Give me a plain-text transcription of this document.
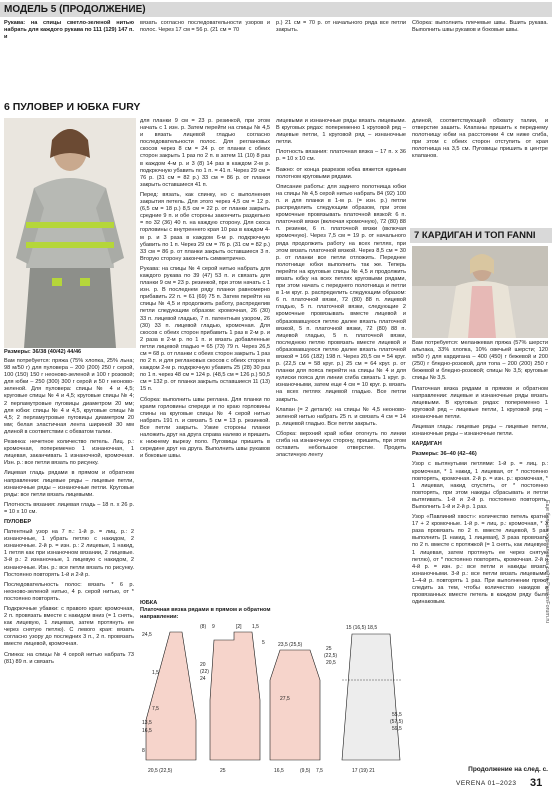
МОДЕЛЬ 5 (ПРОДОЛЖЕНИЕ)
Рукава: на спицы светло-зеленой нитью набрать для каждого рукава по 111 (129) 147 п. и
вязать согласно последовательности узоров и полос. Через 17 см = 56 р. (21 см = 70
р.) 21 см = 70 р. от начального ряда все петли закрыть.
Сборка: выполнить плечевые швы. Вшить рукава. Выполнить швы рукавов и боковые швы.
6 ПУЛОВЕР И ЮБКА FURY
Размеры: 36/38 (40/42) 44/46

Вам потребуется: пряжа (75% хлопка, 25% льна; 98 м/50 г) для пуловера – 200 (200) 250 г серой, 100 (150) 150 г неоново-зеленой и 100 г розовой; для юбки – 250 (300) 300 г серой и 50 г неоново-зеленой. Для пуловера: спицы № 4 и 4,5; круговые спицы № 4 и 4,5; круговые спицы № 4; 2 перламутровые пуговицы диаметром 20 мм; для юбки: спицы № 4 и 4,5, круговые спицы № 4,5; 2 перламутровые пуговицы диаметром 20 мм; белая эластичная лента шириной 30 мм длиной в соответствии с обхватом талии.

Резинка: нечетное количество петель. Лиц. р.: кромочная, поперемечно 1 изнаночная, 1 лицевая, заканчивать 1 изнаночной, кромочная. Изн. р.: все петли вязать по рисунку.

Лицевая гладь рядами в прямом и обратном направлении: лицевые ряды – лицевые петли, изнаночные ряды – изнаночные петли. Круговые ряды: все петли вязать лицевыми.

Плотность вязания: лицевая гладь – 18 п. х 26 р. = 10 х 10 см.

ПУЛОВЕР

Патентный узор на 7 п.: 1-й р. = лиц. р.: 2 изнаночные, 1 убрать петлю с накидом, 2 изнаночные. 2-й р. = изн. р.: 2 лицевые, 1 накид, 1 петля как при изнаночном вязании, 2 лицевые. 3-й р.: 2 изнаночные, 1 лицевую с накидом, 2 изнаночные. Изн. р.: все петли вязать по рисунку. Постоянно повторять 1-й и 2-й р.

Последовательность полос: вязать * 6 р. неоново-зеленой нитью, 4 р. серой нитью, от * постоянно повторять.

Подкрючные убавки: с правого края: кромочная, 2 п. провязать вместе с накидом вниз (= 1 снять, как лицевую, 1 лицевая, затем протянуть ее через снятую петлю). С левого края: вязать согласно узору до последних 3 п., 2 п. провязать вместе лицевой, кромочная.

Спинка: на спицы № 4 серой нитью набрать 73 (81) 89 п. и связать

для планки 9 см = 23 р. резинкой, при этом начать с 1 изн. р. Затем перейти на спицы № 4,5 и вязать лицевой гладью согласно последовательности полос. Для реглановых скосов через 8 см = 24 р. от планки с обеих сторон закрыть 1 раз по 2 п. в затем 11 (10) 8 раз в каждом 4-м р. и 3 (8) 14 раз в каждом 2-м р. подкрючную убавить по 1 п. = 41 п. Через 29 см = 76 р. (31 см = 82 р.) 33 см = 86 р. от планки закрыть оставшиеся 41 п.

Перед: вязать, как спинку, но с выполнения закрытия петель. Для этого через 4,5 см = 12 р. (6,5 см = 18 р.) 8,5 см = 22 р. от планки закрыть средние 9 п. и обе стороны закончить раздельно = по 32 (36) 40 п. на каждую сторону. Для скоса горловины с внутреннего края 10 раз в каждом 4-м р. и 3 раза в каждом 6-м р. подкрючную убавить по 1 п. Через 29 см = 76 р. (31 см = 82 р.) 33 см = 86 р. от планки закрыть оставшиеся 3 п. Вторую сторону закончить симметрично.

Рукава: на спицы № 4 серой нитью набрать для каждого рукава по 39 (47) 53 п. и связать для планки 9 см = 23 р. резинкой, при этом начать с 1 изн. р. В последнем ряду планки равномерно прибавить 22 п. = 61 (69) 75 п. Затем перейти на спицы № 4,5 и продолжить работу, распределив петли следующим образом: кромочная, 26 (30) 33 п. лицевой гладью, 7 п. патентным узором, 26 (30) 33 п. лицевой гладью, кромочная. Для скосов с обеих сторон прибавить 1 раз в 2-м р. и 2 раза в 2-м р. по 1 п. и вязать добавленные петли лицевой гладью = 65 (73) 79 п. Через 26,5 см = 68 р. от планки с обеих сторон закрыть 1 раз по 2 п. и для реглановых скосов с обеих сторон в каждом 2-м р. подкрючную убавить 25 (28) 30 раз по 1 п. через 48 см = 124 р. (48,5 см = 126 р.) 50,5 см = 132 р. от планки закрыть оставшиеся 11 (13) 15 п.

Сборка: выполнить швы реглана. Для планки по краям горловины спереди и по краю горловины спины на круговые спицы № 4 серой нитью набрать 191 п. и связать 5 см = 13 р. резинкой. Все петли закрыть. Узкие стороны планки наложить друг на друга справа налево и пришить к нижнему вырезу поло. Пуговицы пришить в середине друг на друга. Выполнить швы рукавов и боковые швы.

лицевыми и изнаночные ряды вязать лицевыми. В круговых рядах: попеременно 1 круговой ряд – лицевые петли, 1 круговой ряд – изнаночные петли.

Плотность вязания: платочная вязка – 17 п. х 36 р. = 10 х 10 см.

Важно: от конца разрезов юбка вяжется единым полотном круговыми рядами.

Описание работы: для заднего полотнища юбки на спицы № 4,5 серой нитью набрать 84 (92) 100 п. и для планки в 1-м р. (= изн. р.) петли распределить следующим образом, при этом кромочные провязывать платочной вязкой: 6 п. платочной вязки (включая кромочную), 72 (80) 88 п. резинки, 6 п. платочной вязки (включая кромочную). Через 7,5 см = 19 р. от начального ряда продолжить работу на всех петлях, при этом вязать платочной вязкой. Через 8,5 см = 30 р. от планки все петли отложить. Переднее полотнище юбки выполнить так же. Теперь перейти на круговые спицы № 4,5 и продолжить вязать юбку на всех петлях круговыми рядами, при этом начать с переднего полотнища и петли в 1-м круг. р. распределить следующим образом: 6 п. платочной вязки, 72 (80) 88 п. лицевой гладью, 5 п. платочной вязки, следующие 2 кромочные провязывать вместе лицевой и образовавшуюся петлю далее вязать платочной вязкой, 5 п. платочной вязки, 72 (80) 88 п. лицевой гладью, 5 п. платочной вязки, последнюю петлю провязать вместе лицевой и образовавшуюся петлю далее вязать платочной вязкой = 166 (182) 198 п. Через 20,5 см = 54 круг. р. (22,5 см = 58 круг. р.) 25 см = 64 круг. р. от планки для пояса перейти на спицы № 4 и для кулиски пояса для линии сгиба связать 1 круг. р. изнаночными, затем еще 4 см = 10 круг. р. вязать на всех петлях лицевой гладью. Все петли закрыть.

Клапан (= 2 детали): на спицы № 4,5 неоново-зеленой нитью набрать 25 п. и связать 4 см = 14 р. лицевой гладью. Все петли закрыть.

Сборка: верхний край юбки отогнуть по линии сгиба на изнаночную сторону, пришить, при этом оставить небольшое отверстие. Продеть эластичную ленту

длиной, соответствующей обхвату талии, и отверстие зашить. Клапаны пришить к переднему полотнищу юбки на расстоянии 4 см ниже сгиба, при этом с обеих сторон отступить от края полотнища на 3,5 см. Пуговицы пришить в центре клапанов.
7 КАРДИГАН И ТОП FANNI

Вам потребуется: меланжевая пряжа (57% шерсти альпака, 33% хлопка, 10% овечьей шерсти; 120 м/50 г) для кардигана – 400 (450) г бежевой и 200 (250) г бледно-розовой, для топа – 200 (200) 250 г бежевой и бледно-розовой; спицы № 3,5; круговые спицы № 3,5.

Платочная вязка рядами в прямом и обратном направлении: лицевые и изнаночные ряды вязать лицевыми. В круговых рядах: попеременно 1 круговой ряд – лицевые петли, 1 круговой ряд – изнаночные петли.

Лицевая гладь: лицевые ряды – лицевые петли, изнаночные ряды – изнаночные петли.

КАРДИГАН

Размеры: 36–40 (42–46)

Узор с вытянутыми петлями: 1-й р. = лиц. р.: кромочная, * 1 накид, 1 лицевая, от * постоянно повторять, кромочная. 2-й р. = изн. р.: кромочная, * 1 лицевая, накид спустить, от * постоянно повторять, при этом накиды сбрасывать и петли вытягивать. 1-й и 2-й р. постоянно повторять. Выполнить 1-й и 2-й р. 1 раз.

Узор «Павлиний хвост»: количество петель кратно 17 + 2 кромочные. 1-й р. = лиц. р.: кромочная, * 3 раза провязать по 2 п. вместе лицевой, 5 раз выполнить [1 накид, 1 лицевая], 3 раза провязать по 2 п. вместе с протяжкой (= 1 снять, как лицевую, 1 лицевая, затем протянуть ее через снятую петлю), от * постоянно повторять, кромочная. 2-й и 4-й р. = изн. р.: все петли и накиды вязать изнаночными. 3-й р.: все петли вязать лицевыми. 1–4-й р. повторять 1 раз. При выполнении пряжи следить за тем, чтобы количество накидов и провязанных вместе петель в каждом ряду было одинаковым.

ЮБКА
Платочная вязка рядами в прямом и обратном направлении:
24,5
1,5
7,5
13,5
16,5
8
(8) 9	[2] 1,5
20
(22)
24
5	23,5 (25,5)
27,5
20,5 (22,5)	25	16,5	(9,5) 7,5
15 (16,5) 18,5
55,5
(57,5)
59,5
17 (19) 21
25
(22,5)
20,5
Еще больше журналов на сайте PassionForum.ru
Продолжение на след. с.
VERENA 01–2023	31
